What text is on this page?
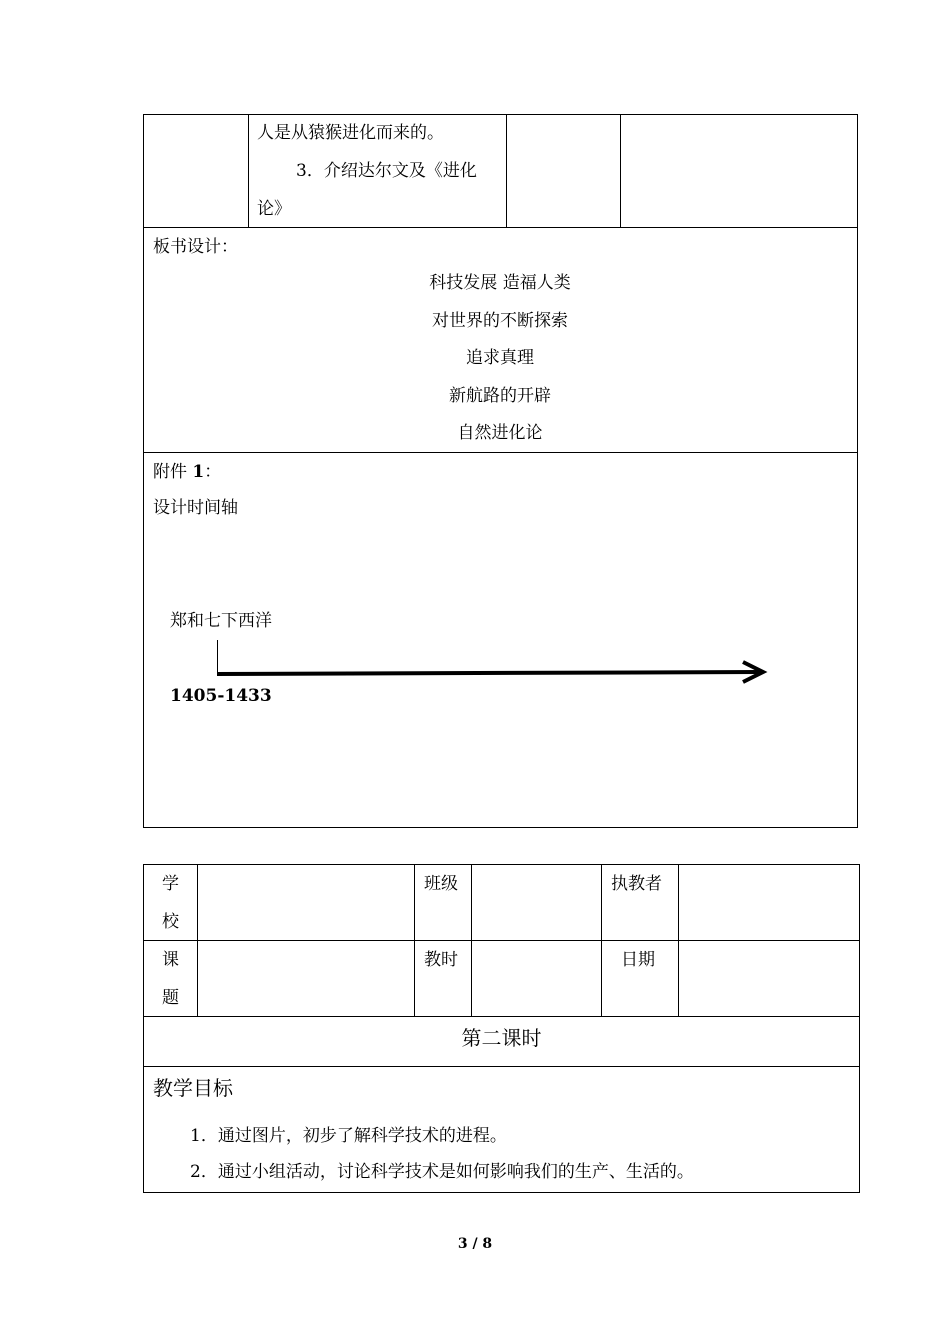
人是从猿猴进化而来的。
3．介绍达尔文及《进化
论》
板书设计：
科技发展 造福人类
对世界的不断探索
追求真理
新航路的开辟
自然进化论
附件 1：
设计时间轴
郑和七下西洋
1405-1433
学
校
班级	执教者
课
题
教时	日期
第二课时
教学目标
1．通过图片，初步了解科学技术的进程。
2．通过小组活动，讨论科学技术是如何影响我们的生产、生活的。
3 / 8
